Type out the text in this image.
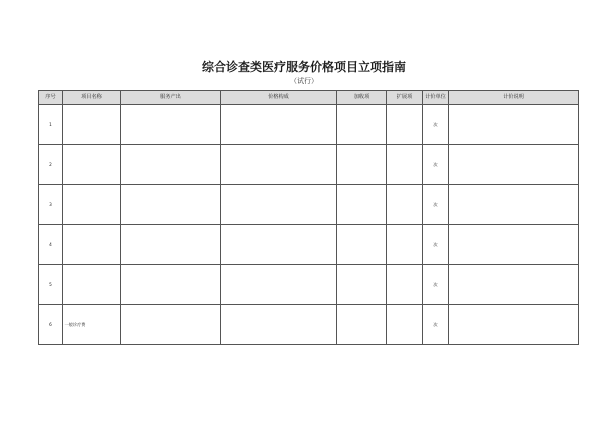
综合诊查类医疗服务价格项目立项指南
（试行）
序号	项目名称	服务产出	价格构成	加收项	扩展项	计价单位	计价说明
1						次	
2						次	
3						次	
4						次	
5						次	
6	一般诊疗费					次	
